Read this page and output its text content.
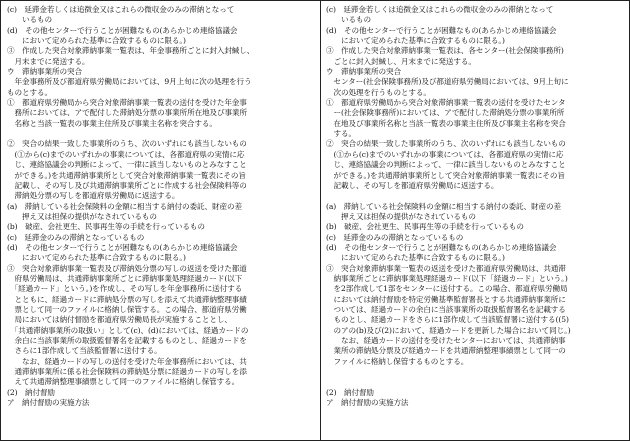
(c)　延滞金若しくは追徴金又はこれらの微収金のみの滞納となって
　　いるもの
(d)　その他センターで行うことが困難なもの(あらかじめ連絡協議会
　　において定められた基準に合致するものに限る。)
③　作成した突合対象滞納事業一覧表は、年金事務所ごとに封入封緘し、
　月末までに発送する。
ウ　滞納事業所の突合
　年金事務所及び都道府県労働局においては、9月上旬に次の処理を行う
ものとする。
①　都道府県労働局から突合対象滞納事業一覧表の送付を受けた年金事
　務所においては、アで配付した滞納処分票の事業所所在地及び事業所
　名称と当該一覧表の事業主住所及び事業主名称を突合する。

②　突合の結果一致した事業所のうち、次のいずれにも該当しないもの
　(①から(c)までのいずれかの事業については、各都道府県の実情に応
　じ、連絡協議会の判断によって、一律に該当しないものとみなすこと
　ができる。)を共通滞納事業所として突合対象滞納事業一覧表にその旨
　記載し、その写し及び共通滞納事業所ごとに作成する社会保険料等の
　滞納処分票の写しを都道府県労働局に返送する。
(a)　滞納している社会保険料の金額に相当する納付の委託、財産の差
　　押え又は担保の提供がなされているもの
(b)　破産、会社更生、民事再生等の手続を行っているもの
(c)　延滞金のみの滞納となっているもの
(d)　その他センターで行うことが困難なもの(あらかじめ連絡協議会
　　において定められた基準に合致するものに限る。)
③　突合対象滞納事業一覧表及び滞納処分票の写しの返送を受けた都道
　府県労働局は、共通滞納事業所ごとに滞納事業処理経過カード(以下
　「経過カード」という。)を作成し、その写しを年金事務所に送付する
　とともに、経過カードに滞納処分票の写しを添えて共通滞納整理事績
　票として同一のファイルに格納し保管する。この場合、都道府県労働
　局においては納付督励を都道府県労働局長が実施することとし、
　「共通滞納事業所の取扱い」として(c)、(d)においては、経過カードの
　余白に当該事業所の取扱監督署名を記載するものとし、経過カードを
　さらに1部作成して当該監督署に送付する。
　　なお、経過カードの写しの送付を受けた年金事務所においては、共
　通滞納事業所に係る社会保険料の滞納処分票に経過カードの写しを添
　えて共通滞納整理事績票として同一のファイルに格納し保管する。
(2)　納付督励
ア　納付督励の実施方法
(c)　延滞金若しくは追徴金又はこれらの微収金のみの滞納となって
　　いるもの
(d)　その他センターで行うことが困難なもの(あらかじめ連絡協議会
　　において定められた基準に合致するものに限る。)
③　作成した突合対象滞納事業一覧表は、各センター(社会保険事務所)
　ごとに封入封緘し、月末までに発送する。
ウ　滞納事業所の突合
　センター(社会保険事務所)及び都道府県労働局においては、9月上旬に
　次の処理を行うものとする。
①　都道府県労働局から突合対象滞納事業一覧表の送付を受けたセンタ
　ー(社会保険事務所)においては、アで配付した滞納処分票の事業所所
　在地及び事業所名称と当該一覧表の事業主住所及び事業主名称を突合
　する。
②　突合の結果一致した事業所のうち、次のいずれにも該当しないもの
　(①から(c)までのいずれかの事業については、各都道府県の実情に応
　じ、連絡協議会の判断によって、一律に該当しないものとみなすこと
　ができる。)を共通滞納事業所として突合対象滞納事業一覧表にその旨
　記載し、その写しを都道府県労働局に返送する。

(a)　滞納している社会保険料の金額に相当する納付の委託、財産の差
　　押え又は担保の提供がなされているもの
(b)　破産、会社更生、民事再生等の手続を行っているもの
(c)　延滞金のみの滞納となっているもの
(d)　その他センターで行うことが困難なもの(あらかじめ連絡協議会
　　において定められた基準に合致するものに限る。)
③　突合対象滞納事業一覧表の返送を受けた都道府県労働局は、共通滞
　納事業所ごとに滞納事業処理経過カード(以下「経過カード」という。)
　を2部作成して1部をセンターに送付する。この場合、都道府県労働局
　においては納付督励を特定労働基準監督署長とする共通滞納事業所に
　ついては、経過カードの余白に当該事業所の取扱監督署名を記載する
　ものとし、経過カードをさらに1部作成して当該監督署に送付する((5)
　のアの(b)及び(2)において、経過カードを更新した場合において同じ。)
　　なお、経過カードの送付を受けたセンターにおいては、共通滞納事
　業所の滞納処分票及び経過カードを共通滞納整理事績票として同一の
　ファイルに格納し保管するものとする。

(2)　納付督励
ア　納付督励の実施方法
